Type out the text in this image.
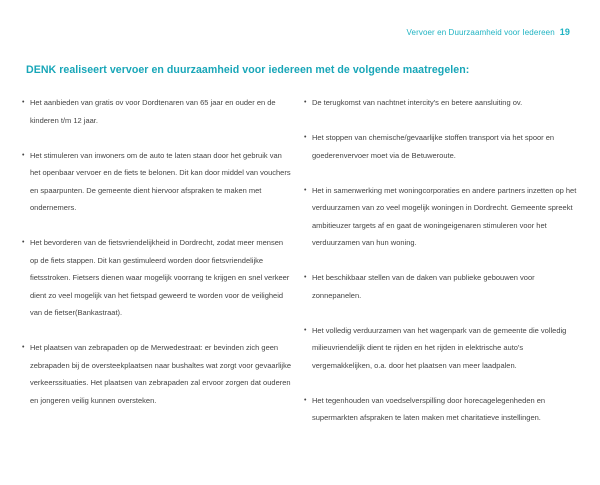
Vervoer en Duurzaamheid voor Iedereen 19
DENK realiseert vervoer en duurzaamheid voor iedereen met de volgende maatregelen:
• Het aanbieden van gratis ov voor Dordtenaren van 65 jaar en ouder en de kinderen t/m 12 jaar.
• Het stimuleren van inwoners om de auto te laten staan door het gebruik van het openbaar vervoer en de fiets te belonen. Dit kan door middel van vouchers en spaarpunten. De gemeente dient hiervoor afspraken te maken met ondernemers.
• Het bevorderen van de fietsvriendelijkheid in Dordrecht, zodat meer mensen op de fiets stappen. Dit kan gestimuleerd worden door fietsvriendelijke fietsstroken. Fietsers dienen waar mogelijk voorrang te krijgen en snel verkeer dient zo veel mogelijk van het fietspad geweerd te worden voor de veiligheid van de fietser(Bankastraat).
• Het plaatsen van zebrapaden op de Merwedestraat: er bevinden zich geen zebrapaden bij de oversteekplaatsen naar bushaltes wat zorgt voor gevaarlijke verkeerssituaties. Het plaatsen van zebrapaden zal ervoor zorgen dat ouderen en jongeren veilig kunnen oversteken.
• De terugkomst van nachtnet intercity's en betere aansluiting ov.
• Het stoppen van chemische/gevaarlijke stoffen transport via het spoor en goederenvervoer moet via de Betuweroute.
• Het in samenwerking met woningcorporaties en andere partners inzetten op het verduurzamen van zo veel mogelijk woningen in Dordrecht. Gemeente spreekt ambitieuzer targets af en gaat de woningeigenaren stimuleren voor het verduurzamen van hun woning.
• Het beschikbaar stellen van de daken van publieke gebouwen voor zonnepanelen.
• Het volledig verduurzamen van het wagenpark van de gemeente die volledig milieuvriendelijk dient te rijden en het rijden in elektrische auto's vergemakkelijken, o.a. door het plaatsen van meer laadpalen.
• Het tegenhouden van voedselverspilling door horecagelegenheden en supermarkten afspraken te laten maken met charitatieve instellingen.
